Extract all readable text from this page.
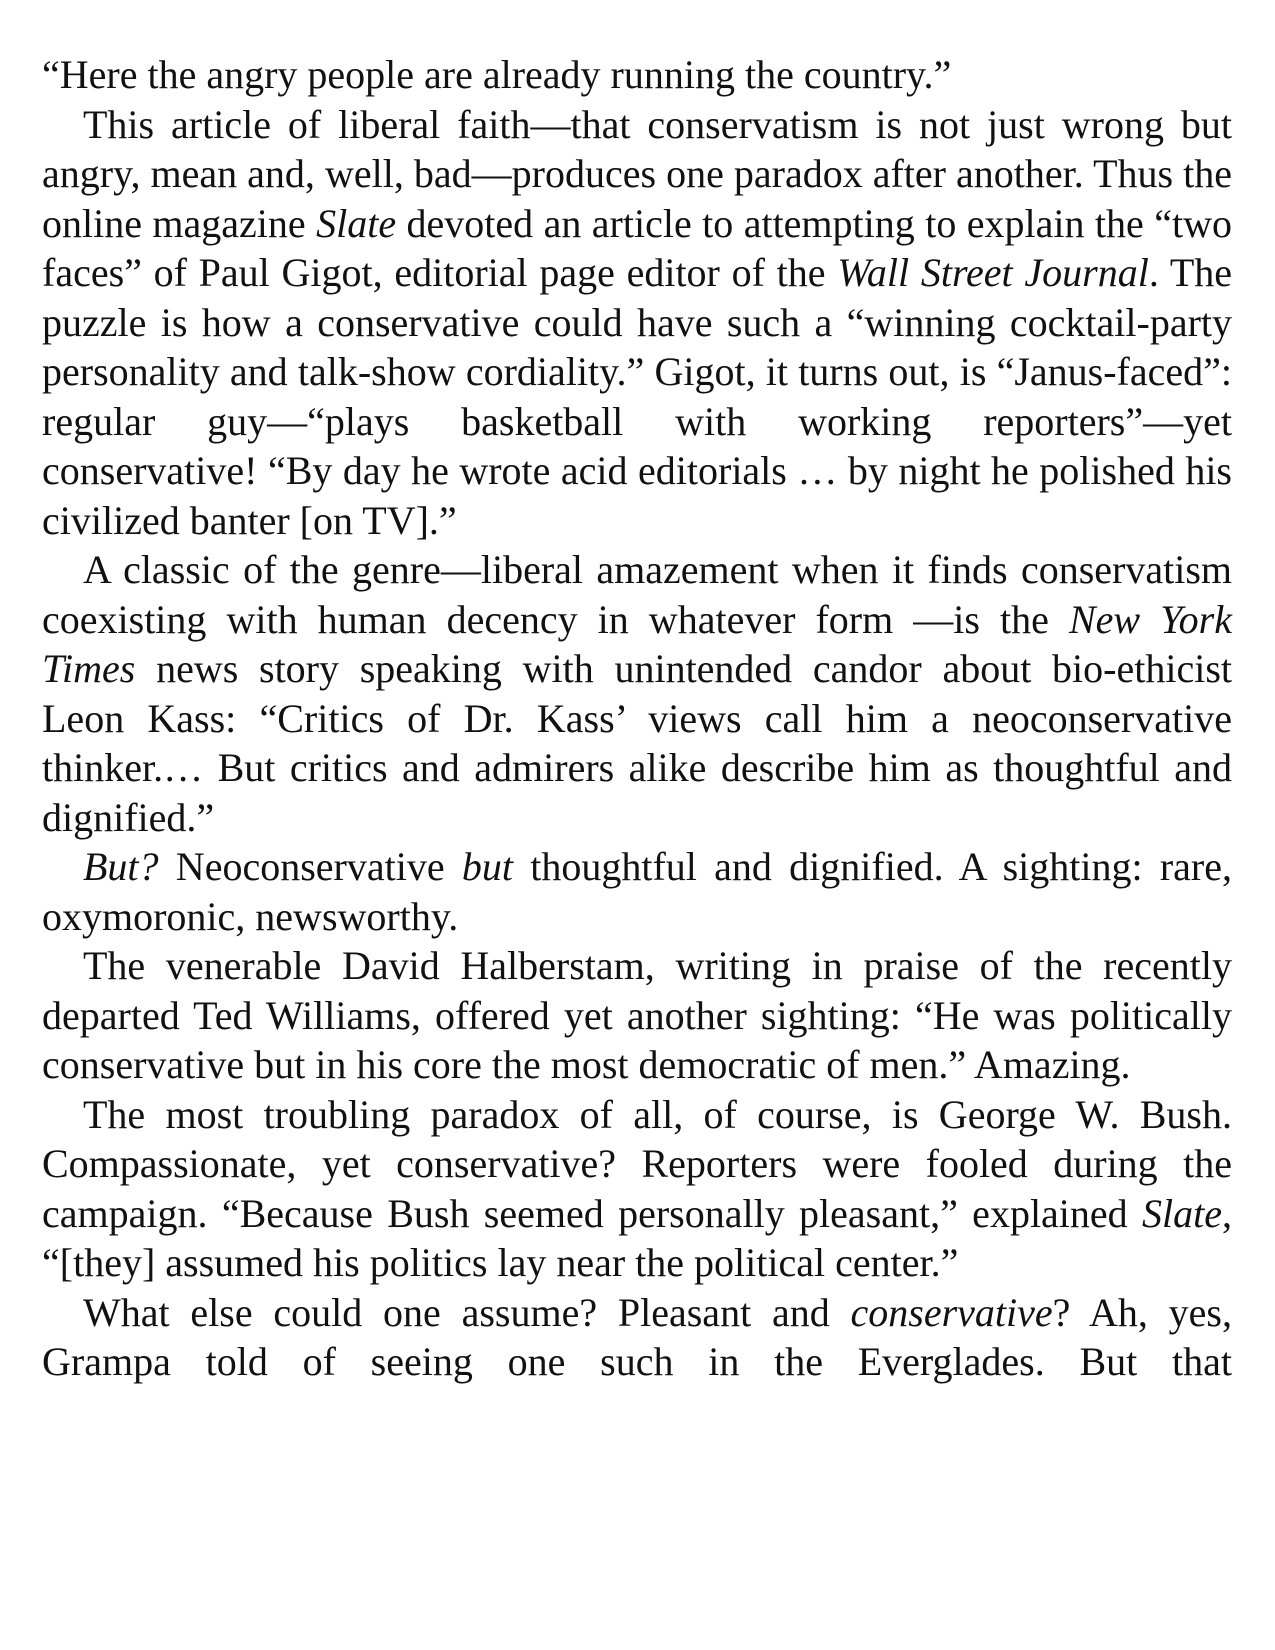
“Here the angry people are already running the country.”

This article of liberal faith—that conservatism is not just wrong but angry, mean and, well, bad—produces one paradox after another. Thus the online magazine Slate devoted an article to attempting to explain the “two faces” of Paul Gigot, editorial page editor of the Wall Street Journal. The puzzle is how a conservative could have such a “winning cocktail-party personality and talk-show cordiality.” Gigot, it turns out, is “Janus-faced”: regular guy—“plays basketball with working reporters”—yet conservative! “By day he wrote acid editorials … by night he polished his civilized banter [on TV].”

A classic of the genre—liberal amazement when it finds conservatism coexisting with human decency in whatever form —is the New York Times news story speaking with unintended candor about bio-ethicist Leon Kass: “Critics of Dr. Kass’ views call him a neoconservative thinker.… But critics and admirers alike describe him as thoughtful and dignified.”

But? Neoconservative but thoughtful and dignified. A sighting: rare, oxymoronic, newsworthy.

The venerable David Halberstam, writing in praise of the recently departed Ted Williams, offered yet another sighting: “He was politically conservative but in his core the most democratic of men.” Amazing.

The most troubling paradox of all, of course, is George W. Bush. Compassionate, yet conservative? Reporters were fooled during the campaign. “Because Bush seemed personally pleasant,” explained Slate, “[they] assumed his politics lay near the political center.”

What else could one assume? Pleasant and conservative? Ah, yes, Grampa told of seeing one such in the Everglades. But that
